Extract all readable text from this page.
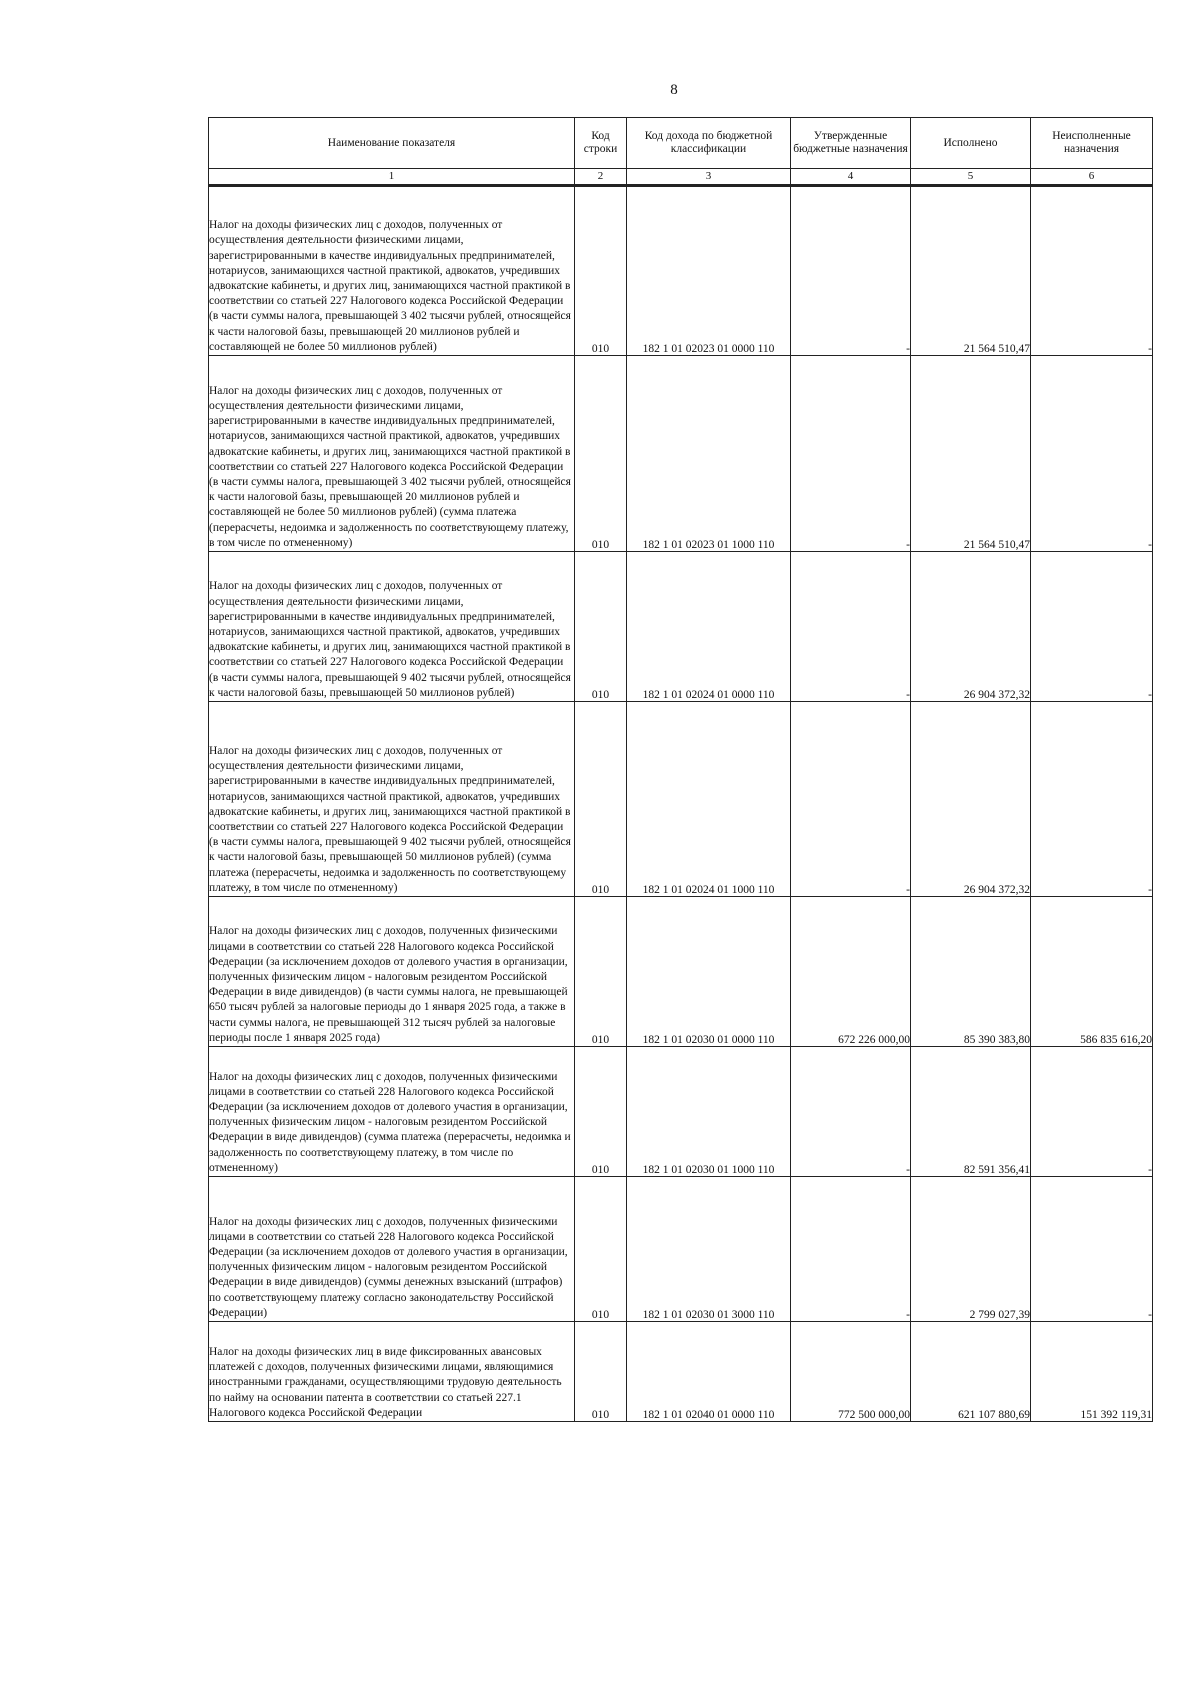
8
Наименование показателя	Код строки	Код дохода по бюджетной классификации	Утвержденные бюджетные назначения	Исполнено	Неисполненные назначения
1	2	3	4	5	6
Налог на доходы физических лиц с доходов, полученных от осуществления деятельности физическими лицами, зарегистрированными в качестве индивидуальных предпринимателей, нотариусов, занимающихся частной практикой, адвокатов, учредивших адвокатские кабинеты, и других лиц, занимающихся частной практикой в соответствии со статьей 227 Налогового кодекса Российской Федерации (в части суммы налога, превышающей 3 402 тысячи рублей, относящейся к части налоговой базы, превышающей 20 миллионов рублей и составляющей не более 50 миллионов рублей)	010	182 1 01 02023 01 0000 110	-	21 564 510,47	-
Налог на доходы физических лиц с доходов, полученных от осуществления деятельности физическими лицами, зарегистрированными в качестве индивидуальных предпринимателей, нотариусов, занимающихся частной практикой, адвокатов, учредивших адвокатские кабинеты, и других лиц, занимающихся частной практикой в соответствии со статьей 227 Налогового кодекса Российской Федерации (в части суммы налога, превышающей 3 402 тысячи рублей, относящейся к части налоговой базы, превышающей 20 миллионов рублей и составляющей не более 50 миллионов рублей) (сумма платежа (перерасчеты, недоимка и задолженность по соответствующему платежу, в том числе по отмененному)	010	182 1 01 02023 01 1000 110	-	21 564 510,47	-
Налог на доходы физических лиц с доходов, полученных от осуществления деятельности физическими лицами, зарегистрированными в качестве индивидуальных предпринимателей, нотариусов, занимающихся частной практикой, адвокатов, учредивших адвокатские кабинеты, и других лиц, занимающихся частной практикой в соответствии со статьей 227 Налогового кодекса Российской Федерации (в части суммы налога, превышающей 9 402 тысячи рублей, относящейся к части налоговой базы, превышающей 50 миллионов рублей)	010	182 1 01 02024 01 0000 110	-	26 904 372,32	-
Налог на доходы физических лиц с доходов, полученных от осуществления деятельности физическими лицами, зарегистрированными в качестве индивидуальных предпринимателей, нотариусов, занимающихся частной практикой, адвокатов, учредивших адвокатские кабинеты, и других лиц, занимающихся частной практикой в соответствии со статьей 227 Налогового кодекса Российской Федерации (в части суммы налога, превышающей 9 402 тысячи рублей, относящейся к части налоговой базы, превышающей 50 миллионов рублей) (сумма платежа (перерасчеты, недоимка и задолженность по соответствующему платежу, в том числе по отмененному)	010	182 1 01 02024 01 1000 110	-	26 904 372,32	-
Налог на доходы физических лиц с доходов, полученных физическими лицами в соответствии со статьей 228 Налогового кодекса Российской Федерации (за исключением доходов от долевого участия в организации, полученных физическим лицом - налоговым резидентом Российской Федерации в виде дивидендов) (в части суммы налога, не превышающей 650 тысяч рублей за налоговые периоды до 1 января 2025 года, а также в части суммы налога, не превышающей 312 тысяч рублей за налоговые периоды после 1 января 2025 года)	010	182 1 01 02030 01 0000 110	672 226 000,00	85 390 383,80	586 835 616,20
Налог на доходы физических лиц с доходов, полученных физическими лицами в соответствии со статьей 228 Налогового кодекса Российской Федерации (за исключением доходов от долевого участия в организации, полученных физическим лицом - налоговым резидентом Российской Федерации в виде дивидендов) (сумма платежа (перерасчеты, недоимка и задолженность по соответствующему платежу, в том числе по отмененному)	010	182 1 01 02030 01 1000 110	-	82 591 356,41	-
Налог на доходы физических лиц с доходов, полученных физическими лицами в соответствии со статьей 228 Налогового кодекса Российской Федерации (за исключением доходов от долевого участия в организации, полученных физическим лицом - налоговым резидентом Российской Федерации в виде дивидендов) (суммы денежных взысканий (штрафов) по соответствующему платежу согласно законодательству Российской Федерации)	010	182 1 01 02030 01 3000 110	-	2 799 027,39	-
Налог на доходы физических лиц в виде фиксированных авансовых платежей с доходов, полученных физическими лицами, являющимися иностранными гражданами, осуществляющими трудовую деятельность по найму на основании патента в соответствии со статьей 227.1 Налогового кодекса Российской Федерации	010	182 1 01 02040 01 0000 110	772 500 000,00	621 107 880,69	151 392 119,31
